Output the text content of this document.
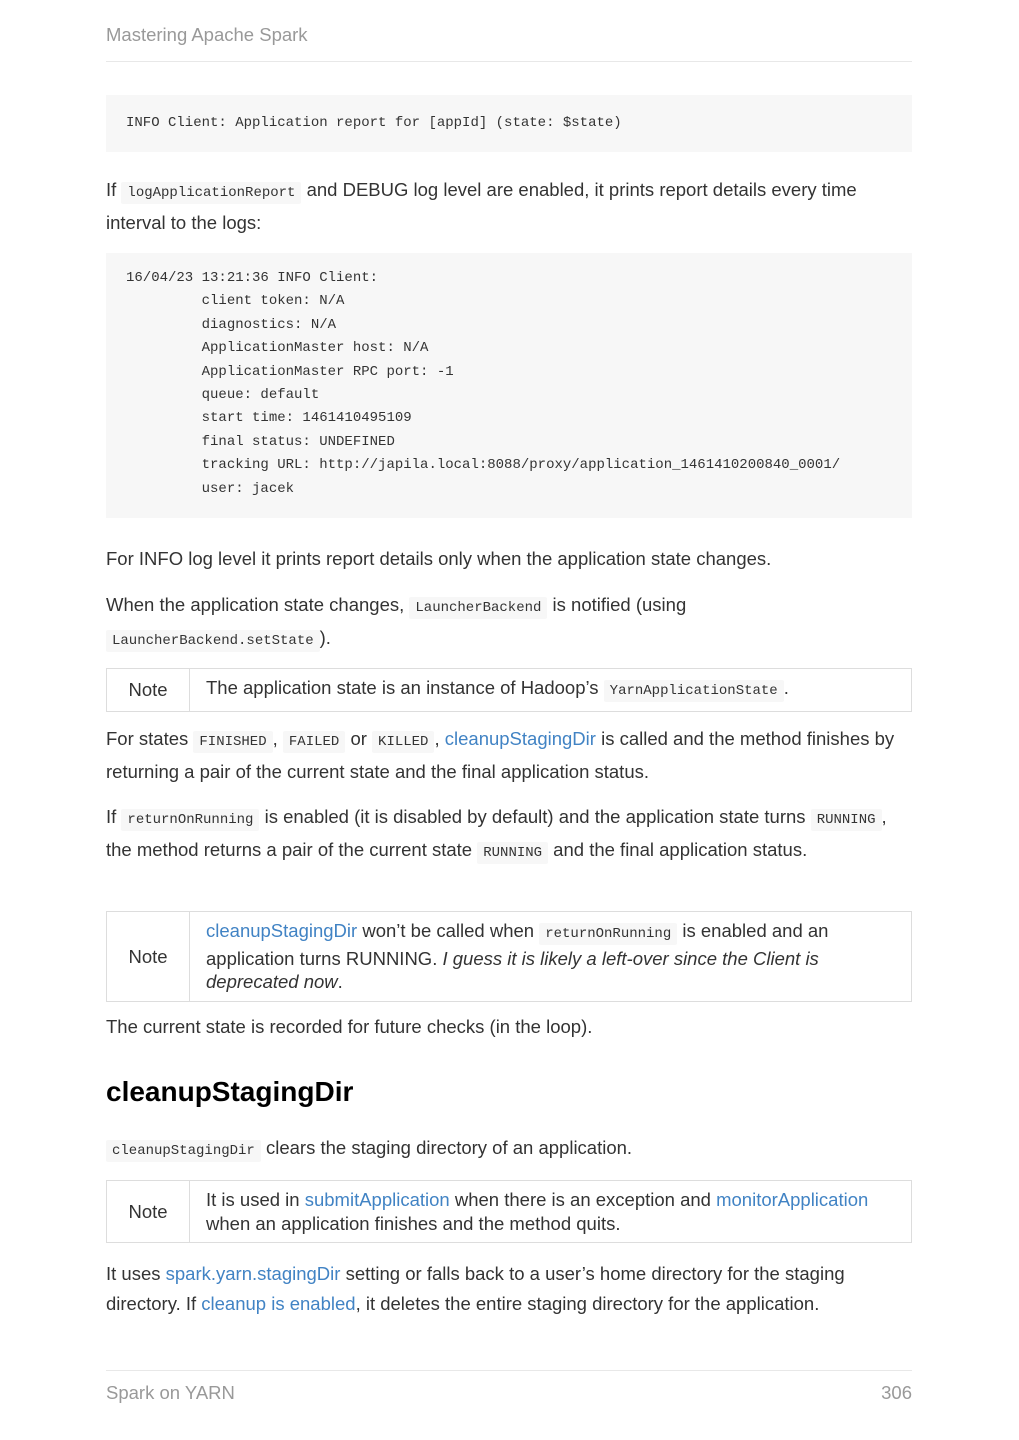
Mastering Apache Spark
INFO Client: Application report for [appId] (state: $state)

If logApplicationReport and DEBUG log level are enabled, it prints report details every time interval to the logs:

16/04/23 13:21:36 INFO Client:
client token: N/A
diagnostics: N/A
ApplicationMaster host: N/A
ApplicationMaster RPC port: -1
queue: default
start time: 1461410495109
final status: UNDEFINED
tracking URL: http://japila.local:8088/proxy/application_1461410200840_0001/
user: jacek

For INFO log level it prints report details only when the application state changes.

When the application state changes, LauncherBackend is notified (using LauncherBackend.setState ).

Note	The application state is an instance of Hadoop’s YarnApplicationState .

For states FINISHED , FAILED or KILLED , cleanupStagingDir is called and the method finishes by returning a pair of the current state and the final application status.

If returnOnRunning is enabled (it is disabled by default) and the application state turns RUNNING , the method returns a pair of the current state RUNNING and the final application status.

Note	cleanupStagingDir won’t be called when returnOnRunning is enabled and an application turns RUNNING. I guess it is likely a left-over since the Client is deprecated now.

The current state is recorded for future checks (in the loop).

cleanupStagingDir

cleanupStagingDir clears the staging directory of an application.

Note	It is used in submitApplication when there is an exception and monitorApplication when an application finishes and the method quits.

It uses spark.yarn.stagingDir setting or falls back to a user’s home directory for the staging directory. If cleanup is enabled, it deletes the entire staging directory for the application.

Spark on YARN	306
